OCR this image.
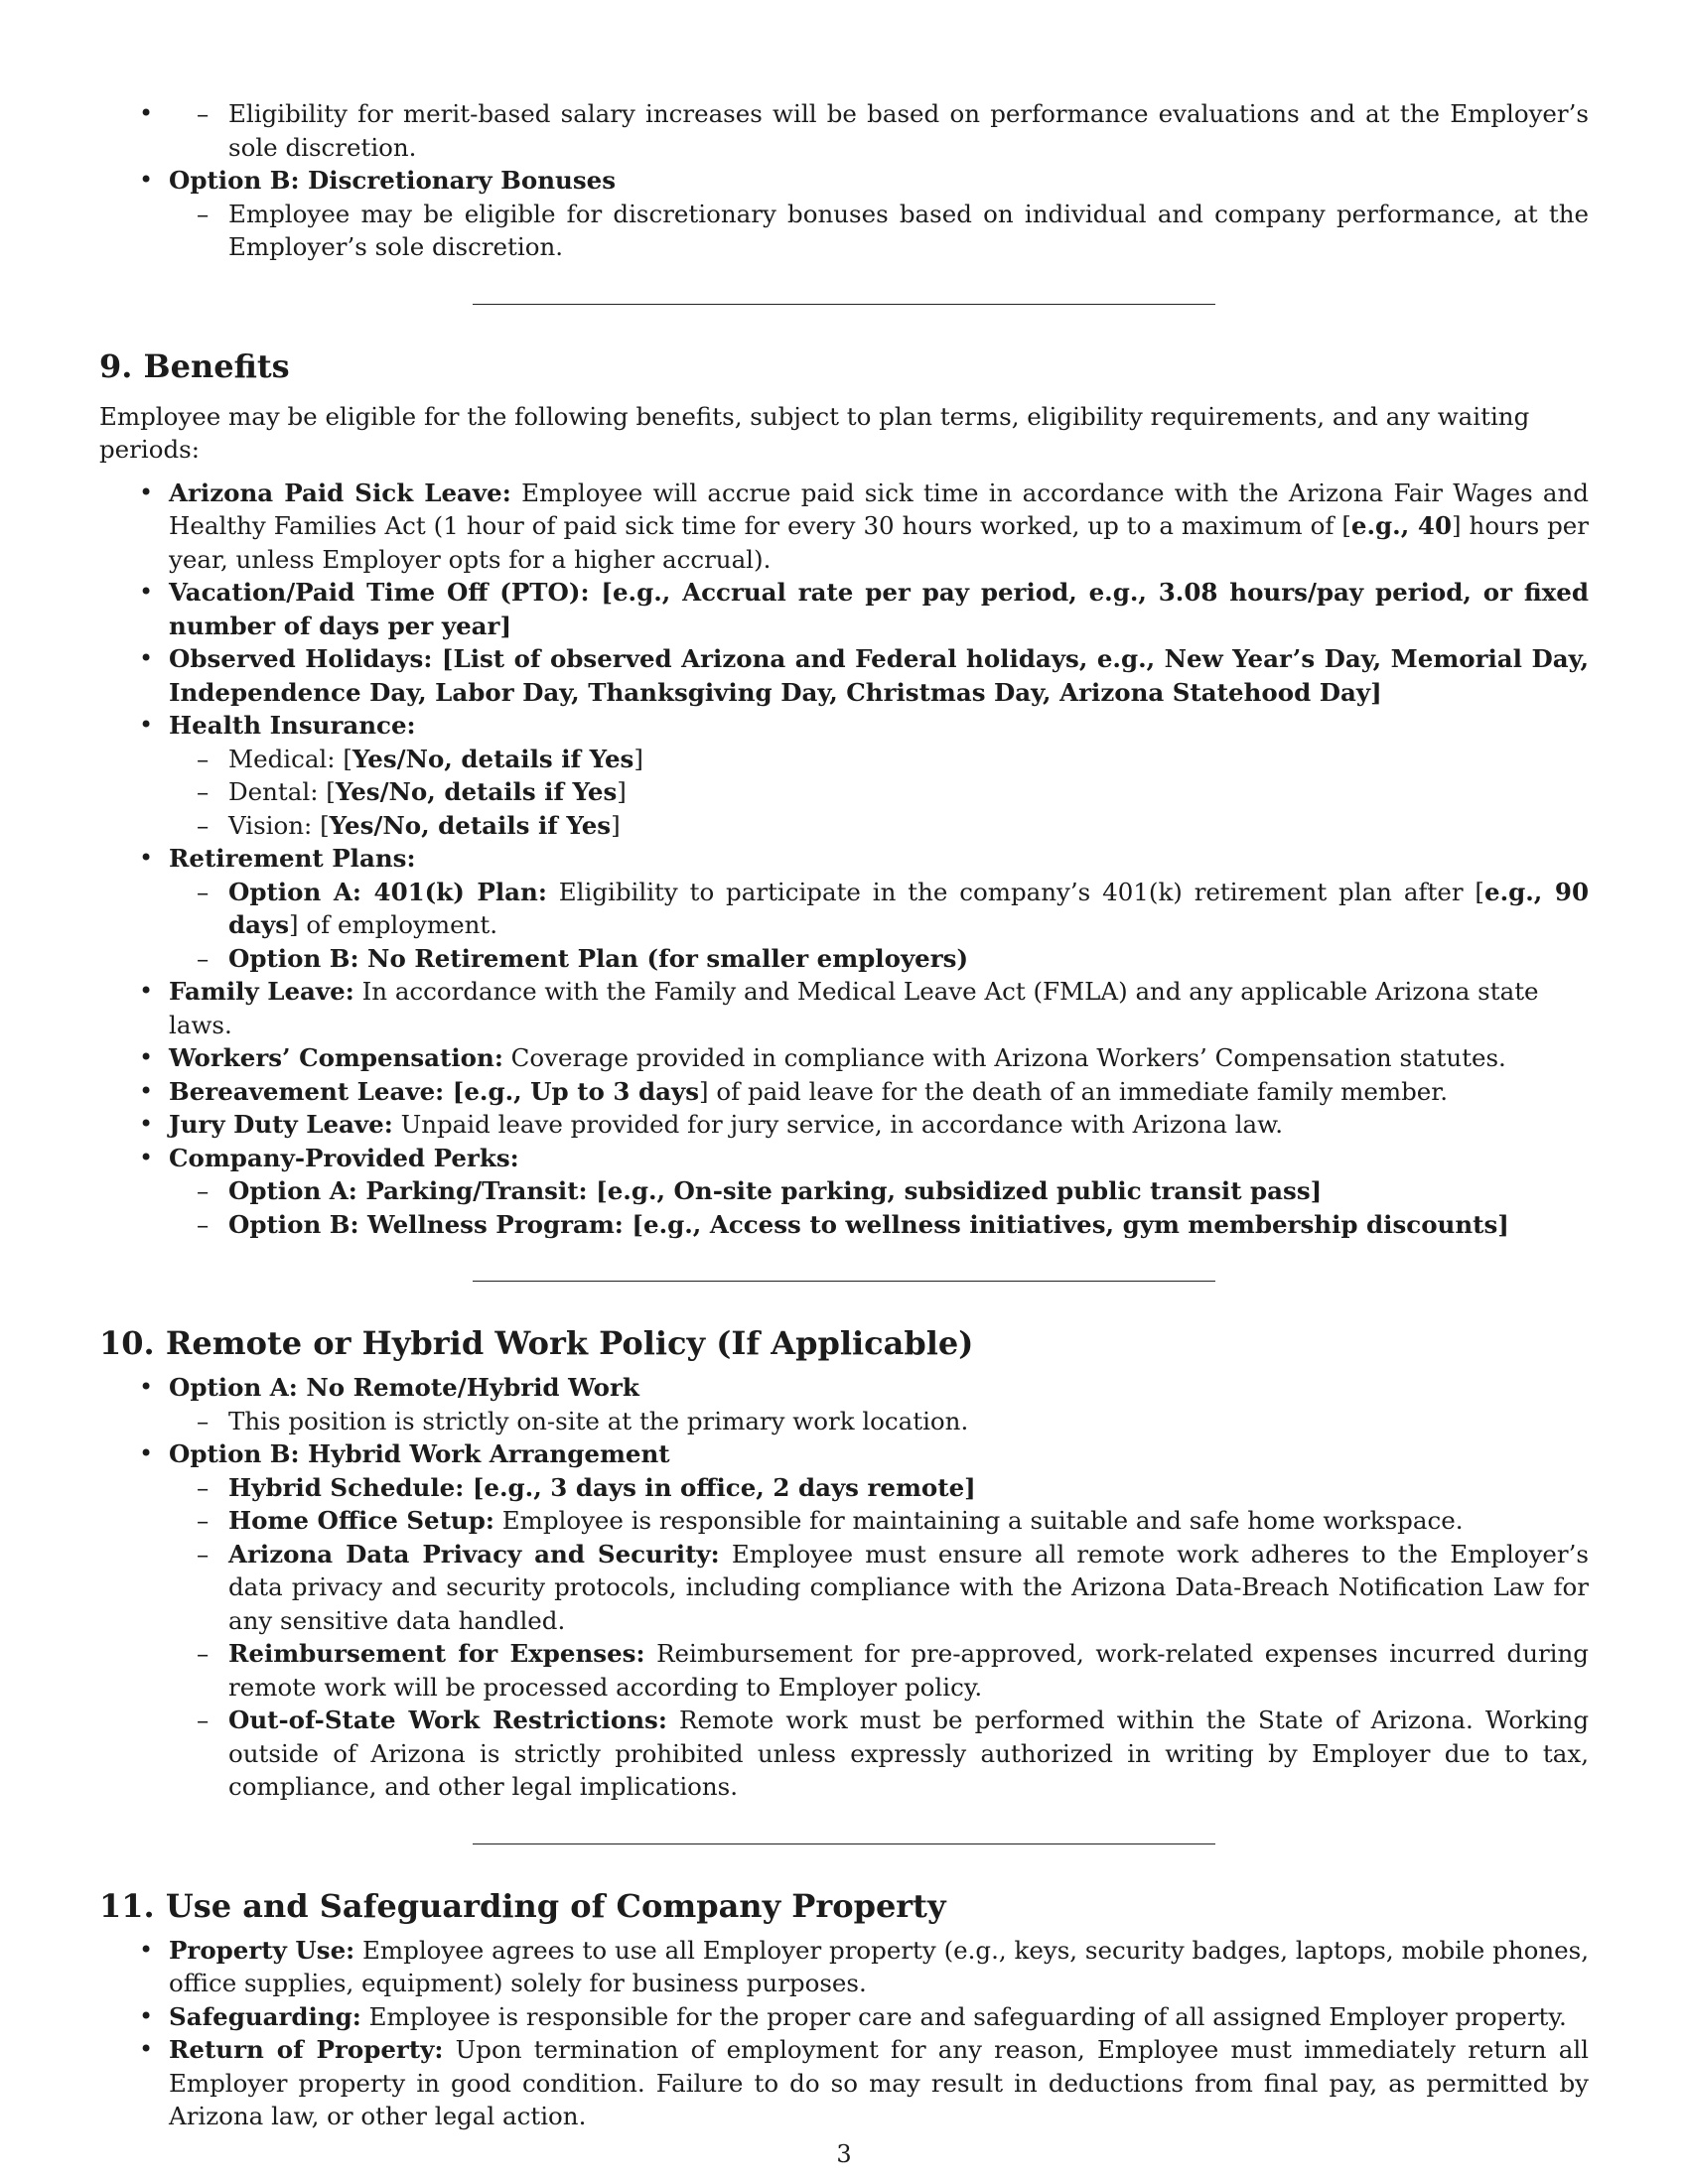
– Eligibility for merit-based salary increases will be based on performance evaluations and at the Employer’s sole discretion.
• Option B: Discretionary Bonuses
– Employee may be eligible for discretionary bonuses based on individual and company performance, at the Employer’s sole discretion.
9. Benefits

Employee may be eligible for the following benefits, subject to plan terms, eligibility requirements, and any waiting periods:

• Arizona Paid Sick Leave: Employee will accrue paid sick time in accordance with the Arizona Fair Wages and Healthy Families Act (1 hour of paid sick time for every 30 hours worked, up to a maximum of [e.g., 40] hours per year, unless Employer opts for a higher accrual).
• Vacation/Paid Time Off (PTO): [e.g., Accrual rate per pay period, e.g., 3.08 hours/pay period, or fixed number of days per year]
• Observed Holidays: [List of observed Arizona and Federal holidays, e.g., New Year’s Day, Memorial Day, Independence Day, Labor Day, Thanksgiving Day, Christmas Day, Arizona Statehood Day]
• Health Insurance:
– Medical: [Yes/No, details if Yes]
– Dental: [Yes/No, details if Yes]
– Vision: [Yes/No, details if Yes]
• Retirement Plans:
– Option A: 401(k) Plan: Eligibility to participate in the company’s 401(k) retirement plan after [e.g., 90 days] of employment.
– Option B: No Retirement Plan (for smaller employers)
• Family Leave: In accordance with the Family and Medical Leave Act (FMLA) and any applicable Arizona state laws.
• Workers’ Compensation: Coverage provided in compliance with Arizona Workers’ Compensation statutes.
• Bereavement Leave: [e.g., Up to 3 days] of paid leave for the death of an immediate family member.
• Jury Duty Leave: Unpaid leave provided for jury service, in accordance with Arizona law.
• Company-Provided Perks:
– Option A: Parking/Transit: [e.g., On-site parking, subsidized public transit pass]
– Option B: Wellness Program: [e.g., Access to wellness initiatives, gym membership discounts]
10. Remote or Hybrid Work Policy (If Applicable)
• Option A: No Remote/Hybrid Work
– This position is strictly on-site at the primary work location.
• Option B: Hybrid Work Arrangement
– Hybrid Schedule: [e.g., 3 days in office, 2 days remote]
– Home Office Setup: Employee is responsible for maintaining a suitable and safe home workspace.
– Arizona Data Privacy and Security: Employee must ensure all remote work adheres to the Employer’s data privacy and security protocols, including compliance with the Arizona Data-Breach Notification Law for any sensitive data handled.
– Reimbursement for Expenses: Reimbursement for pre-approved, work-related expenses incurred during remote work will be processed according to Employer policy.
– Out-of-State Work Restrictions: Remote work must be performed within the State of Arizona. Working outside of Arizona is strictly prohibited unless expressly authorized in writing by Employer due to tax, compliance, and other legal implications.
11. Use and Safeguarding of Company Property
• Property Use: Employee agrees to use all Employer property (e.g., keys, security badges, laptops, mobile phones, office supplies, equipment) solely for business purposes.
• Safeguarding: Employee is responsible for the proper care and safeguarding of all assigned Employer property.
• Return of Property: Upon termination of employment for any reason, Employee must immediately return all Employer property in good condition. Failure to do so may result in deductions from final pay, as permitted by Arizona law, or other legal action.
3
